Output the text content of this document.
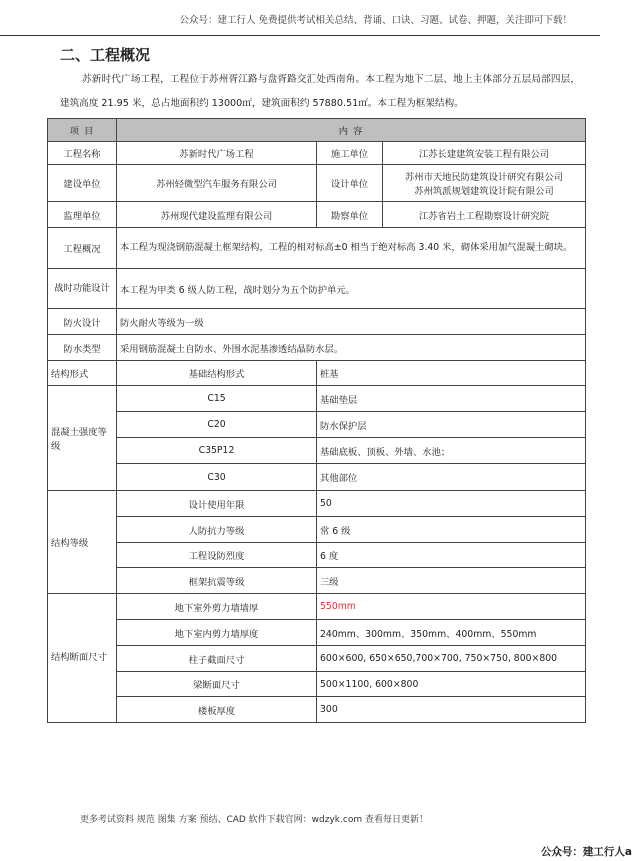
公众号：建工行人 免费提供考试相关总结、背诵、口诀、习题、试卷、押题，关注即可下载！
二、工程概况
苏新时代广场工程，工程位于苏州胥江路与盘胥路交汇处西南角。本工程为地下二层、地上主体部分五层局部四层，建筑高度 21.95 米，总占地面积约 13000㎡，建筑面积约 57880.51㎡。本工程为框架结构。
项 目	内 容		
工程名称	苏新时代广场工程	施工单位	江苏长建建筑安装工程有限公司
建设单位	苏州轻微型汽车服务有限公司	设计单位	苏州市天地民防建筑设计研究有限公司
苏州筑派规划建筑设计院有限公司

监理单位	苏州现代建设监理有限公司	勘察单位	江苏省岩土工程勘察设计研究院
工程概况	本工程为现浇钢筋混凝土框架结构，工程的相对标高±0 相当于绝对标高 3.40 米，砌体采用加气混凝土砌块。		
战时功能设计	本工程为甲类 6 级人防工程，战时划分为五个防护单元。		
防火设计	防火耐火等级为一级		
防水类型	采用钢筋混凝土自防水、外围水泥基渗透结晶防水层。		
结构形式	基础结构形式	桩基	
混凝土强度等级	C15	基础垫层	
	C20	防水保护层	
	C35P12	基础底板、顶板、外墙、水池；	
	C30	其他部位	
结构等级	设计使用年限	50	
	人防抗力等级	常 6 级	
	工程设防烈度	6 度	
	框架抗震等级	三级	
结构断面尺寸	地下室外剪力墙墙厚	550mm	
	地下室内剪力墙厚度	240mm、300mm、350mm、400mm、550mm	
	柱子截面尺寸	600×600, 650×650,700×700, 750×750, 800×800	
	梁断面尺寸	500×1100, 600×800	
	楼板厚度	300	
更多考试资料 规范 图集 方案 预结、CAD 软件下载官网：wdzyk.com 查看每日更新！
公众号：建工行人a
